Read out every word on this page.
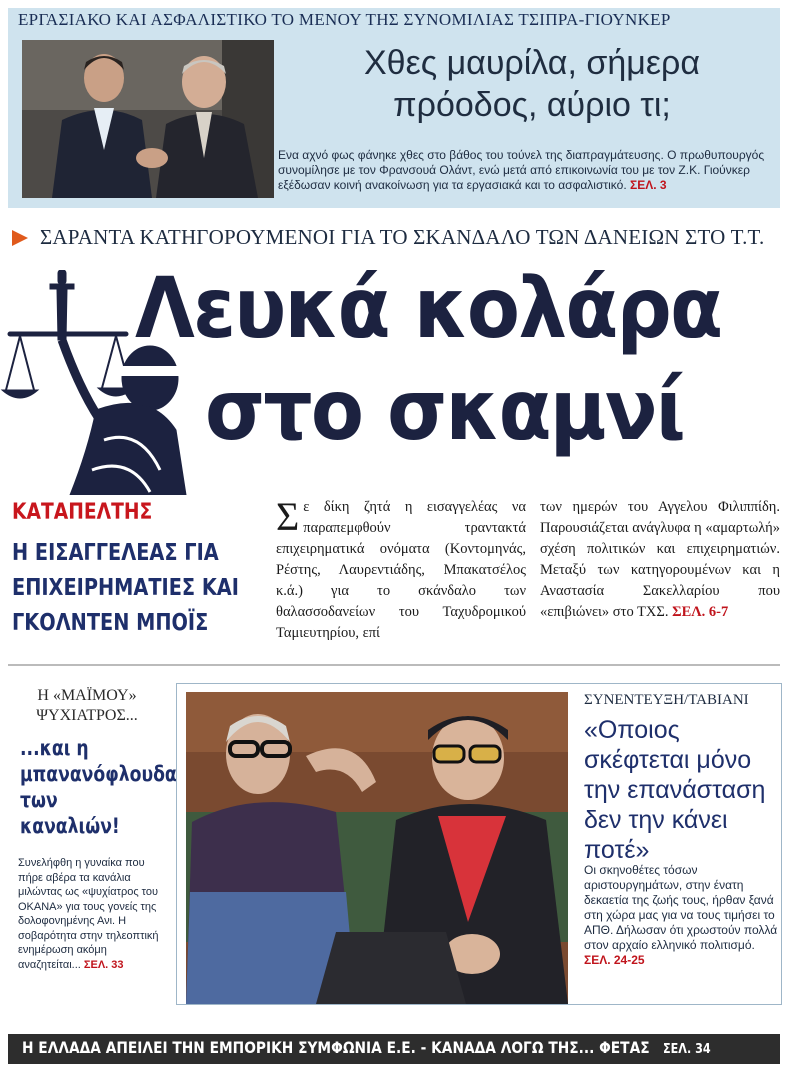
ΕΡΓΑΣΙΑΚΟ ΚΑΙ ΑΣΦΑΛΙΣΤΙΚΟ ΤΟ ΜΕΝΟΥ ΤΗΣ ΣΥΝΟΜΙΛΙΑΣ ΤΣΙΠΡΑ-ΓΙΟΥΝΚΕΡ
Χθες μαυρίλα, σήμερα
πρόοδος, αύριο τι;
Ενα αχνό φως φάνηκε χθες στο βάθος του τούνελ της διαπραγμάτευσης. Ο πρωθυπουργός συνομίλησε με τον Φρανσουά Ολάντ, ενώ μετά από επικοινωνία του με τον Ζ.Κ. Γιούνκερ εξέδωσαν κοινή ανακοίνωση για τα εργασιακά και το ασφαλιστικό. ΣΕΛ. 3
ΣΑΡΑΝΤΑ ΚΑΤΗΓΟΡΟΥΜΕΝΟΙ ΓΙΑ ΤΟ ΣΚΑΝΔΑΛΟ ΤΩΝ ΔΑΝΕΙΩΝ ΣΤΟ Τ.Τ.
Λευκά κολάρα
στο σκαμνί
ΚΑΤΑΠΕΛΤΗΣ
Η ΕΙΣΑΓΓΕΛΕΑΣ ΓΙΑ ΕΠΙΧΕΙΡΗΜΑΤΙΕΣ ΚΑΙ ΓΚΟΛΝΤΕΝ ΜΠΟΪΣ
Σε δίκη ζητά η εισαγγελέας να παραπεμφθούν τραντακτά επιχειρηματικά ονόματα (Κοντομηνάς, Ρέστης, Λαυρεντιάδης, Μπακατσέλος κ.ά.) για το σκάνδαλο των θαλασσοδανείων του Ταχυδρομικού Ταμιευτηρίου, επί
των ημερών του Αγγελου Φιλιππίδη. Παρουσιάζεται ανάγλυφα η «αμαρτωλή» σχέση πολιτικών και επιχειρηματιών. Μεταξύ των κατηγορουμένων και η Αναστασία Σακελλαρίου που «επιβιώνει» στο ΤΧΣ. ΣΕΛ. 6-7
Η «ΜΑΪΜΟΥ» ΨΥΧΙΑΤΡΟΣ...
...και η μπανανόφλουδα των καναλιών!
Συνελήφθη η γυναίκα που πήρε αβέρα τα κανάλια μιλώντας ως «ψυχίατρος του ΟΚΑΝΑ» για τους γονείς της δολοφονημένης Ανι. Η σοβαρότητα στην τηλεοπτική ενημέρωση ακόμη αναζητείται... ΣΕΛ. 33
ΣΥΝΕΝΤΕΥΞΗ/ΤΑΒΙΑΝΙ
«Οποιος σκέφτεται μόνο την επανάσταση δεν την κάνει ποτέ»
Οι σκηνοθέτες τόσων αριστουργημάτων, στην ένατη δεκαετία της ζωής τους, ήρθαν ξανά στη χώρα μας για να τους τιμήσει το ΑΠΘ. Δήλωσαν ότι χρωστούν πολλά στον αρχαίο ελληνικό πολιτισμό. ΣΕΛ. 24-25
Η ΕΛΛΑΔΑ ΑΠΕΙΛΕΙ ΤΗΝ ΕΜΠΟΡΙΚΗ ΣΥΜΦΩΝΙΑ Ε.Ε. - ΚΑΝΑΔΑ ΛΟΓΩ ΤΗΣ... ΦΕΤΑΣ ΣΕΛ. 34
